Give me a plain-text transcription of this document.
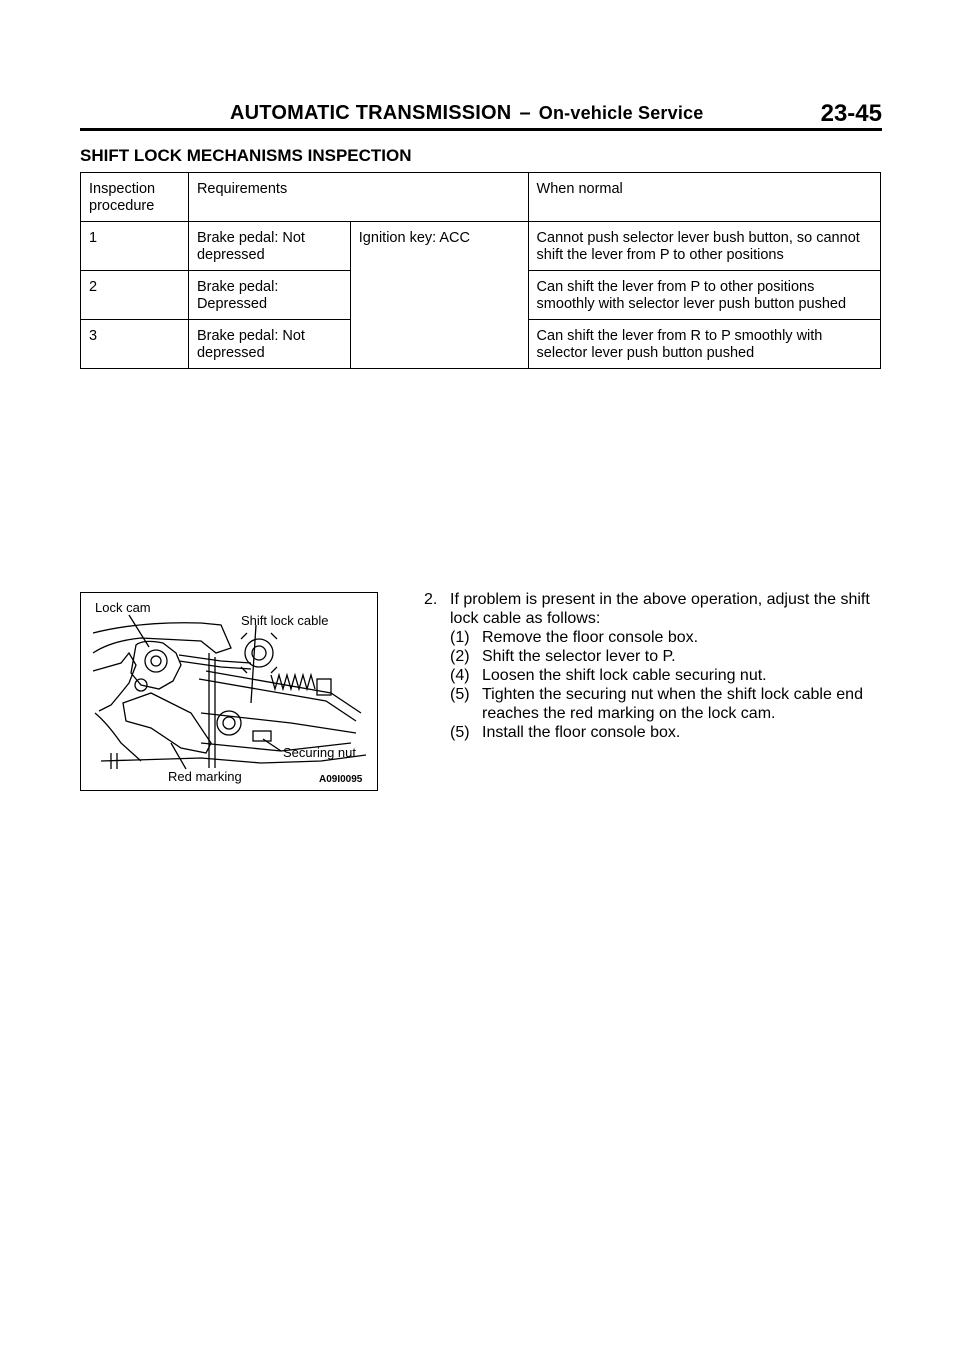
AUTOMATIC TRANSMISSION – On-vehicle Service	23-45
SHIFT LOCK MECHANISMS INSPECTION
Inspection procedure	Requirements		When normal
1	Brake pedal: Not depressed	Ignition key: ACC	Cannot push selector lever bush button, so cannot shift the lever from P to other positions
2	Brake pedal: Depressed		Can shift the lever from P to other positions smoothly with selector lever push button pushed
3	Brake pedal: Not depressed		Can shift the lever from R to P smoothly with selector lever push button pushed
Lock cam
Shift lock cable
Securing nut
Red marking	A09I0095
2. If problem is present in the above operation, adjust the shift lock cable as follows:
(1) Remove the floor console box.
(2) Shift the selector lever to P.
(4) Loosen the shift lock cable securing nut.
(5) Tighten the securing nut when the shift lock cable end reaches the red marking on the lock cam.
(5) Install the floor console box.
